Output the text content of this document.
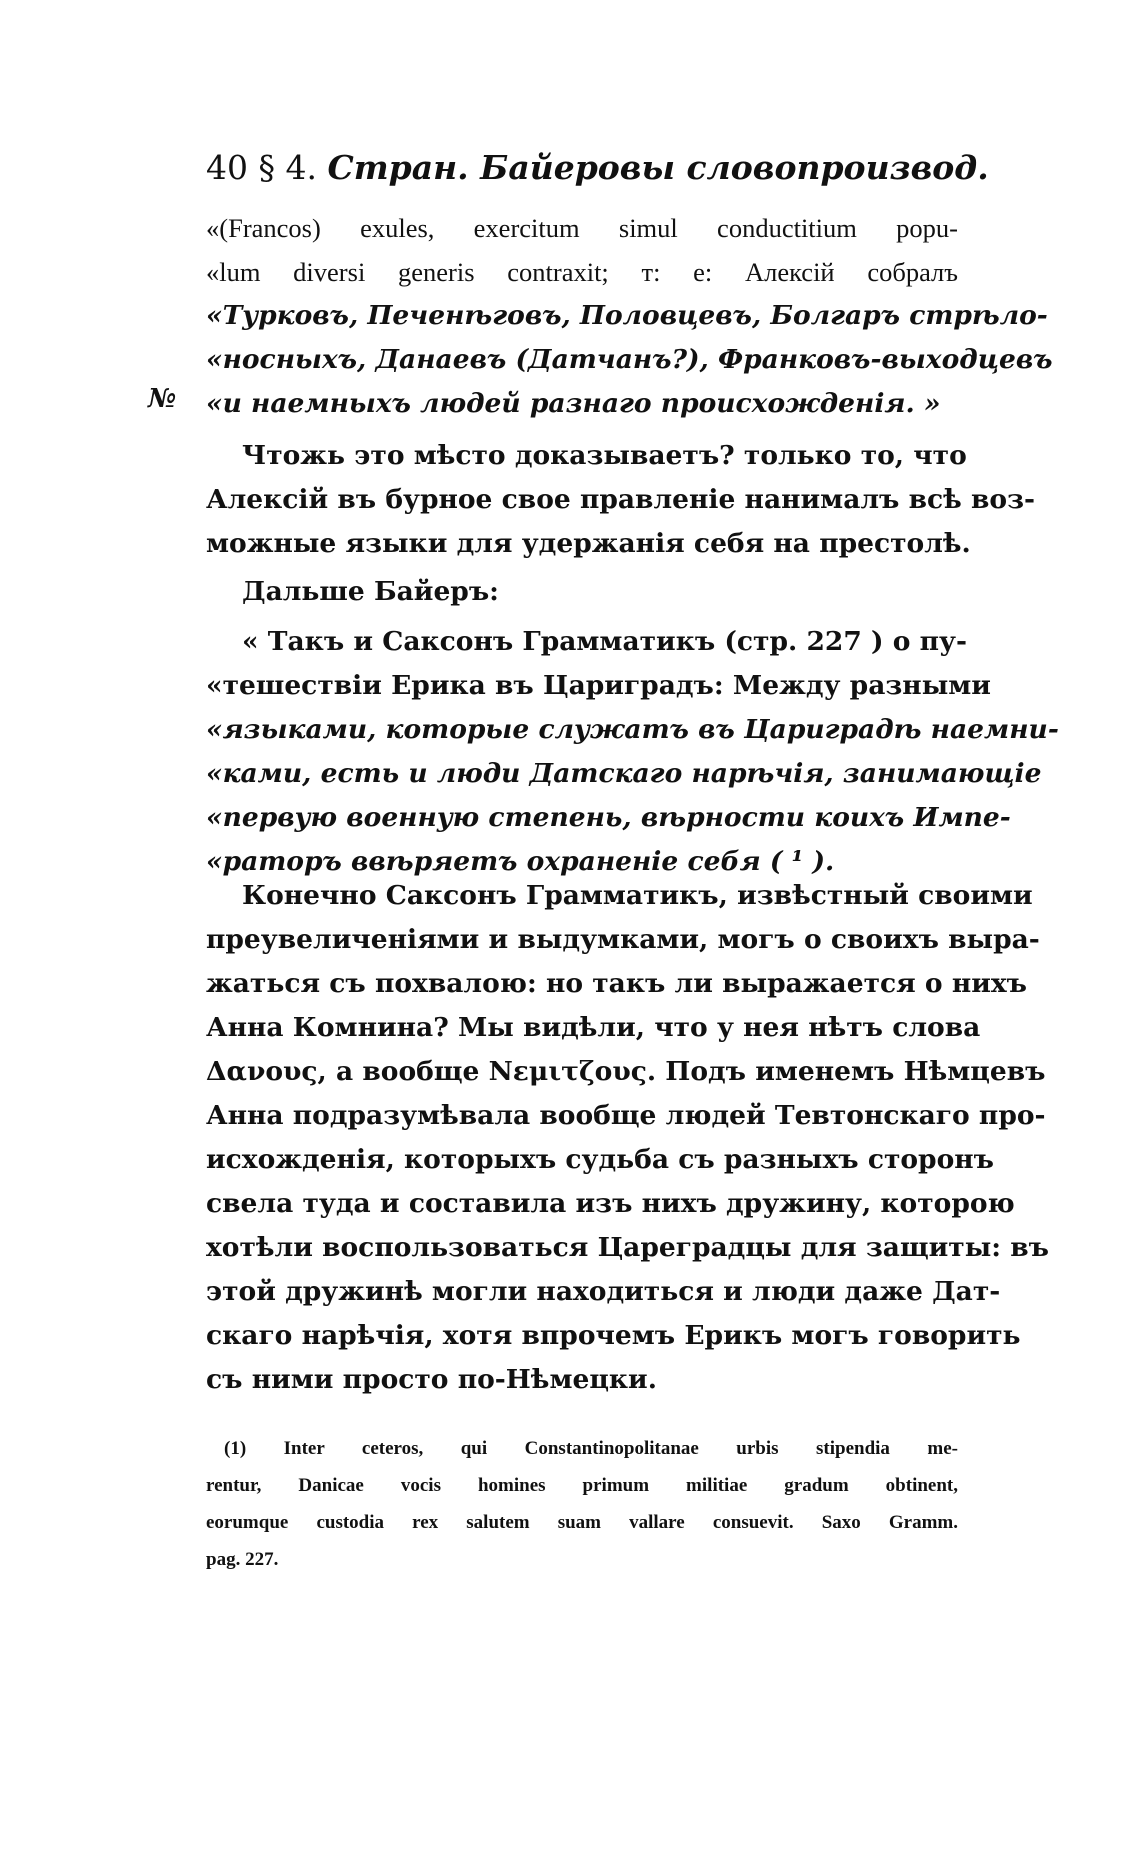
40 § 4. Стран. Байеровы словопроизвод.
№
«(Francos) exules, exercitum simul conductitium popu-
«lum diversi generis contraxit; т: е: Алексій собралъ
«Турковъ, Печенѣговъ, Половцевъ, Болгаръ стрѣло-
«носныхъ, Данаевъ (Датчанъ?), Франковъ-выходцевъ
«и наемныхъ людей разнаго происхожденія. »
Чтожь это мѣсто доказываетъ? только то, что
Алексій въ бурное свое правленіе нанималъ всѣ воз-
можные языки для удержанія себя на престолѣ.
Дальше Байеръ:
« Такъ и Саксонъ Грамматикъ (стр. 227 ) о пу-
«тешествіи Ерика въ Цариградъ: Между разными
«языками, которые служатъ въ Цариградѣ наемни-
«ками, есть и люди Датскаго нарѣчія, занимающіе
«первую военную степень, вѣрности коихъ Импе-
«раторъ ввѣряетъ охраненіе себя ( ¹ ).
Конечно Саксонъ Грамматикъ, извѣстный своими
преувеличеніями и выдумками, могъ о своихъ выра-
жаться съ похвалою: но такъ ли выражается о нихъ
Анна Комнина? Мы видѣли, что у нея нѣтъ слова
Δανους, а вообще Νεμιτζους. Подъ именемъ Нѣмцевъ
Анна подразумѣвала вообще людей Тевтонскаго про-
исхожденія, которыхъ судьба съ разныхъ сторонъ
свела туда и составила изъ нихъ дружину, которою
хотѣли воспользоваться Цареградцы для защиты: въ
этой дружинѣ могли находиться и люди даже Дат-
скаго нарѣчія, хотя впрочемъ Ерикъ могъ говорить
съ ними просто по-Нѣмецки.
(1) Inter ceteros, qui Constantinopolitanae urbis stipendia me-
rentur, Danicae vocis homines primum militiae gradum obtinent,
eorumque custodia rex salutem suam vallare consuevit. Saxo Gramm.
pag. 227.
